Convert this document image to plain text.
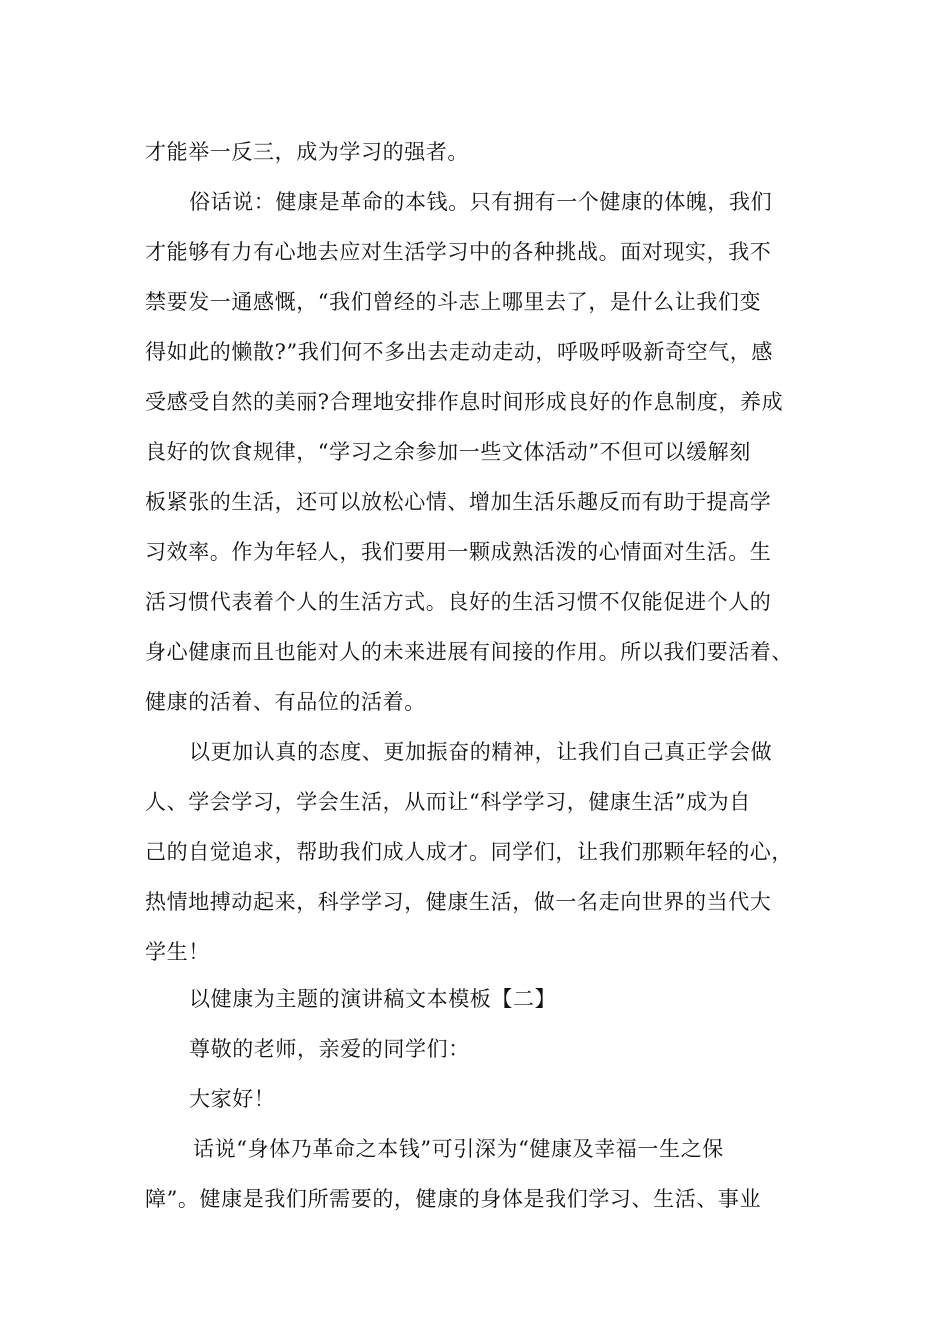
才能举一反三，成为学习的强者。
俗话说：健康是革命的本钱。只有拥有一个健康的体魄，我们
才能够有力有心地去应对生活学习中的各种挑战。面对现实，我不
禁要发一通感慨，“我们曾经的斗志上哪里去了，是什么让我们变
得如此的懒散?”我们何不多出去走动走动，呼吸呼吸新奇空气，感
受感受自然的美丽?合理地安排作息时间形成良好的作息制度，养成
良好的饮食规律，“学习之余参加一些文体活动”不但可以缓解刻
板紧张的生活，还可以放松心情、增加生活乐趣反而有助于提高学
习效率。作为年轻人，我们要用一颗成熟活泼的心情面对生活。生
活习惯代表着个人的生活方式。良好的生活习惯不仅能促进个人的
身心健康而且也能对人的未来进展有间接的作用。所以我们要活着、
健康的活着、有品位的活着。
以更加认真的态度、更加振奋的精神，让我们自己真正学会做
人、学会学习，学会生活，从而让“科学学习，健康生活”成为自
己的自觉追求，帮助我们成人成才。同学们，让我们那颗年轻的心，
热情地搏动起来，科学学习，健康生活，做一名走向世界的当代大
学生！
以健康为主题的演讲稿文本模板【二】
尊敬的老师，亲爱的同学们：
大家好！
话说“身体乃革命之本钱”可引深为“健康及幸福一生之保
障”。健康是我们所需要的，健康的身体是我们学习、生活、事业
